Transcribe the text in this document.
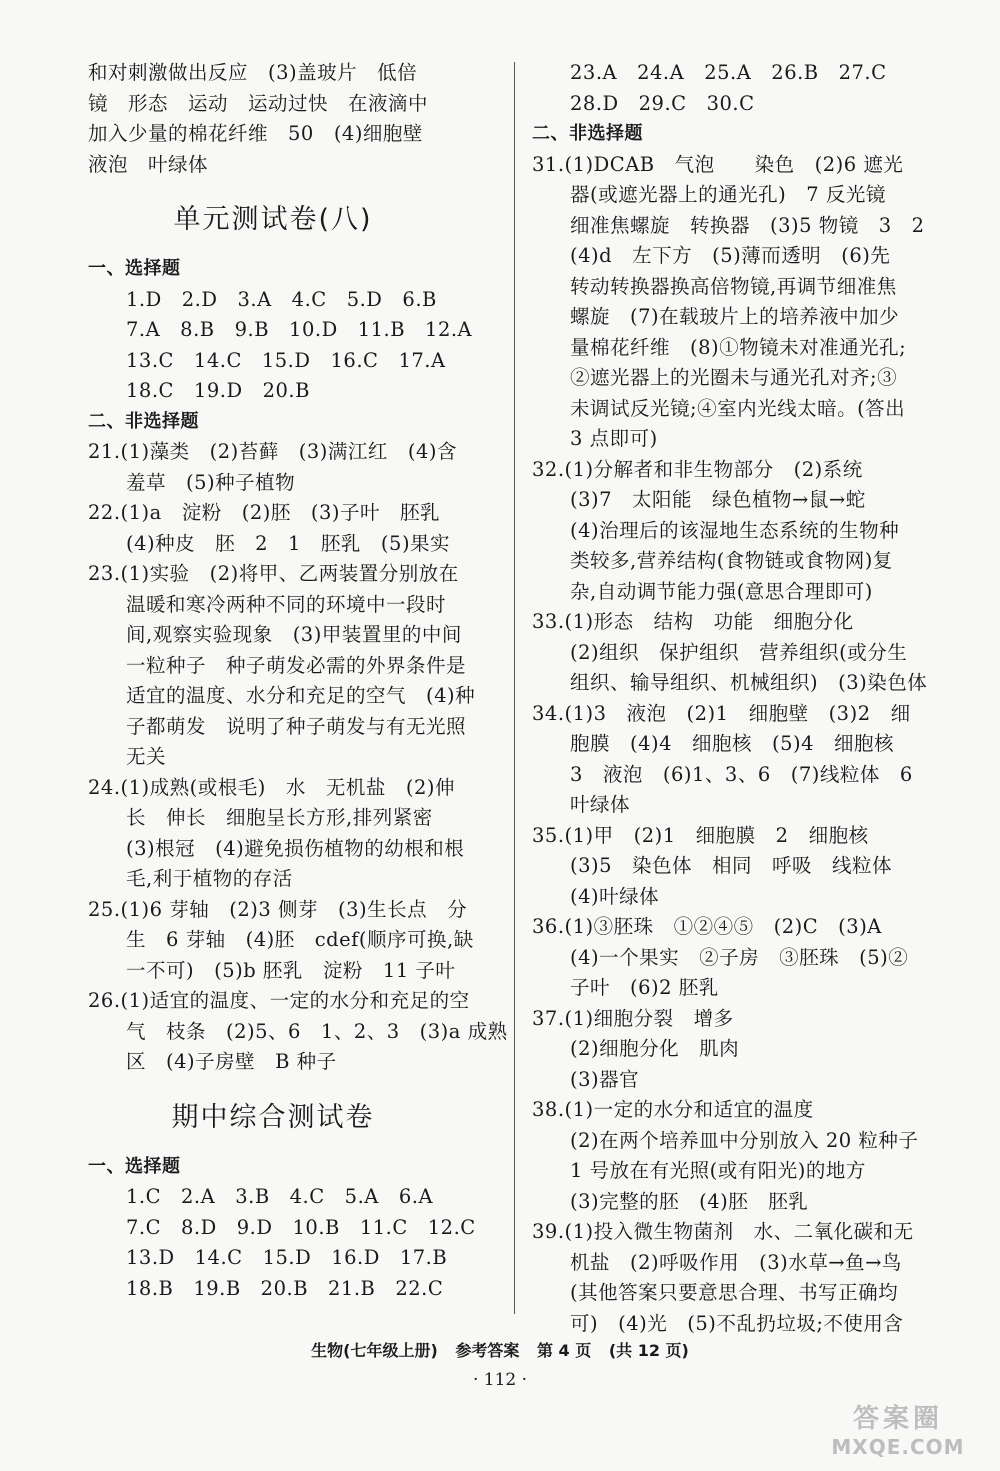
和对刺激做出反应　(3)盖玻片　低倍
镜　形态　运动　运动过快　在液滴中
加入少量的棉花纤维　50　(4)细胞壁
液泡　叶绿体
单元测试卷(八)
一、选择题
1.D　2.D　3.A　4.C　5.D　6.B
7.A　8.B　9.B　10.D　11.B　12.A
13.C　14.C　15.D　16.C　17.A
18.C　19.D　20.B
二、非选择题
21.(1)藻类　(2)苔藓　(3)满江红　(4)含
羞草　(5)种子植物
22.(1)a　淀粉　(2)胚　(3)子叶　胚乳
(4)种皮　胚　2　1　胚乳　(5)果实
23.(1)实验　(2)将甲、乙两装置分别放在
温暖和寒冷两种不同的环境中一段时
间,观察实验现象　(3)甲装置里的中间
一粒种子　种子萌发必需的外界条件是
适宜的温度、水分和充足的空气　(4)种
子都萌发　说明了种子萌发与有无光照
无关
24.(1)成熟(或根毛)　水　无机盐　(2)伸
长　伸长　细胞呈长方形,排列紧密
(3)根冠　(4)避免损伤植物的幼根和根
毛,利于植物的存活
25.(1)6 芽轴　(2)3 侧芽　(3)生长点　分
生　6 芽轴　(4)胚　cdef(顺序可换,缺
一不可)　(5)b 胚乳　淀粉　11 子叶
26.(1)适宜的温度、一定的水分和充足的空
气　枝条　(2)5、6　1、2、3　(3)a 成熟
区　(4)子房壁　B 种子
期中综合测试卷
一、选择题
1.C　2.A　3.B　4.C　5.A　6.A
7.C　8.D　9.D　10.B　11.C　12.C
13.D　14.C　15.D　16.D　17.B
18.B　19.B　20.B　21.B　22.C
23.A　24.A　25.A　26.B　27.C
28.D　29.C　30.C
二、非选择题
31.(1)DCAB　气泡　　染色　(2)6 遮光
器(或遮光器上的通光孔)　7 反光镜
细准焦螺旋　转换器　(3)5 物镜　3　2
(4)d　左下方　(5)薄而透明　(6)先
转动转换器换高倍物镜,再调节细准焦
螺旋　(7)在载玻片上的培养液中加少
量棉花纤维　(8)①物镜未对准通光孔;
②遮光器上的光圈未与通光孔对齐;③
未调试反光镜;④室内光线太暗。(答出
3 点即可)
32.(1)分解者和非生物部分　(2)系统
(3)7　太阳能　绿色植物→鼠→蛇
(4)治理后的该湿地生态系统的生物种
类较多,营养结构(食物链或食物网)复
杂,自动调节能力强(意思合理即可)
33.(1)形态　结构　功能　细胞分化
(2)组织　保护组织　营养组织(或分生
组织、输导组织、机械组织)　(3)染色体
34.(1)3　液泡　(2)1　细胞壁　(3)2　细
胞膜　(4)4　细胞核　(5)4　细胞核
3　液泡　(6)1、3、6　(7)线粒体　6
叶绿体
35.(1)甲　(2)1　细胞膜　2　细胞核
(3)5　染色体　相同　呼吸　线粒体
(4)叶绿体
36.(1)③胚珠　①②④⑤　(2)C　(3)A
(4)一个果实　②子房　③胚珠　(5)②
子叶　(6)2 胚乳
37.(1)细胞分裂　增多
(2)细胞分化　肌肉
(3)器官
38.(1)一定的水分和适宜的温度
(2)在两个培养皿中分别放入 20 粒种子
1 号放在有光照(或有阳光)的地方
(3)完整的胚　(4)胚　胚乳
39.(1)投入微生物菌剂　水、二氧化碳和无
机盐　(2)呼吸作用　(3)水草→鱼→鸟
(其他答案只要意思合理、书写正确均
可)　(4)光　(5)不乱扔垃圾;不使用含
生物(七年级上册) 参考答案 第 4 页 (共 12 页)
· 112 ·
答案圈
MXQE.COM
